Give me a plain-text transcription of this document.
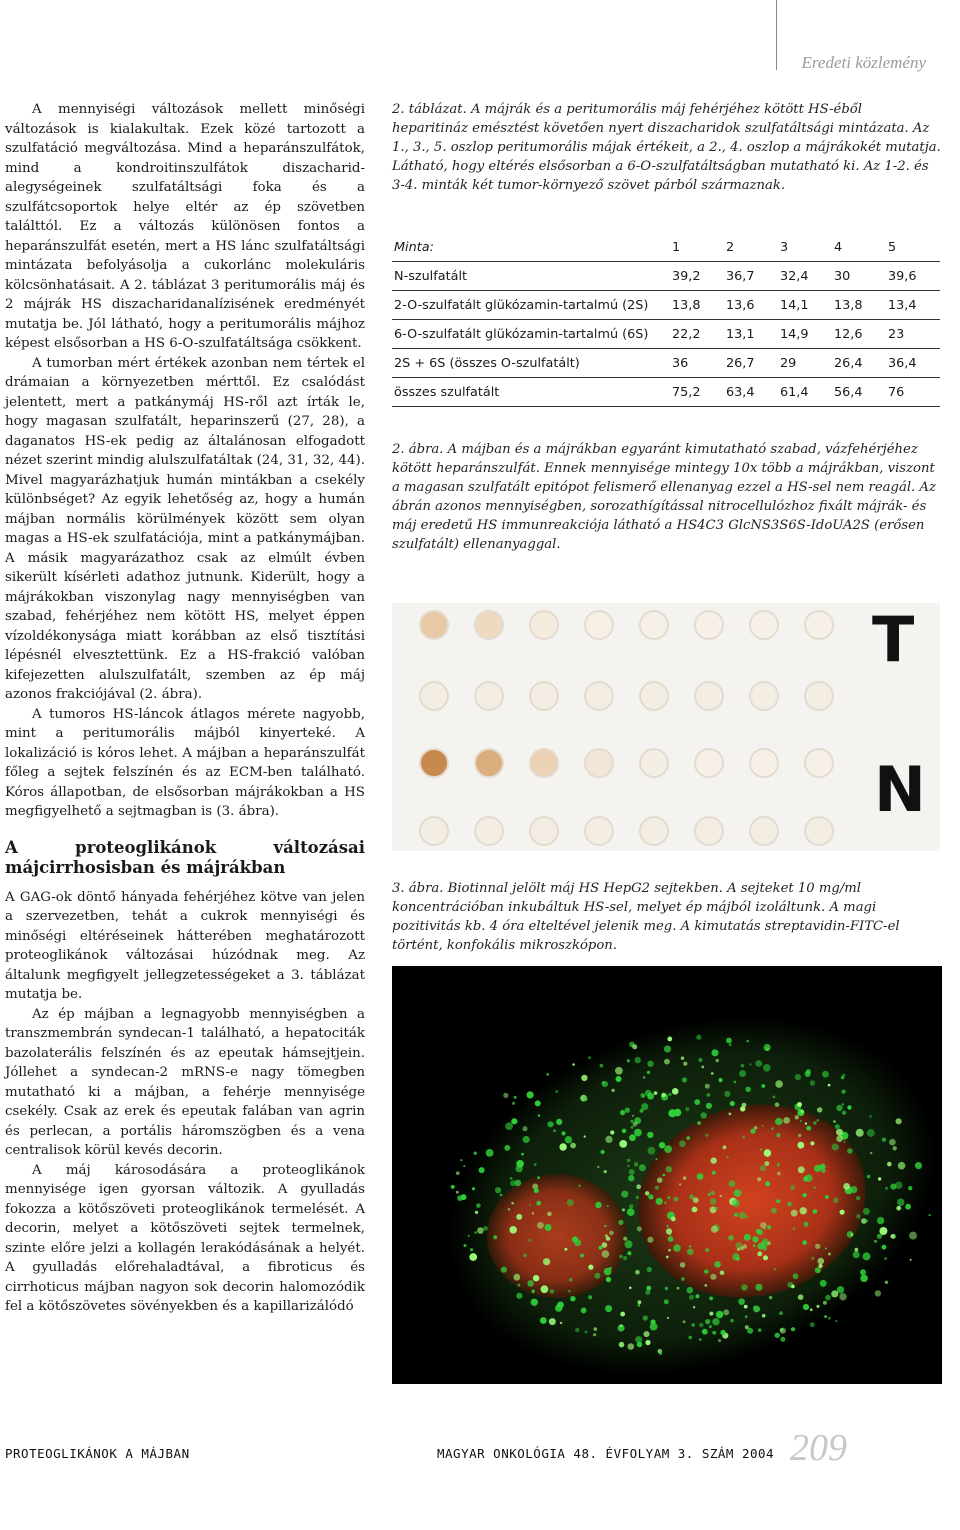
Eredeti közlemény

A mennyiségi változások mellett minőségi változások is kialakultak. Ezek közé tartozott a szulfatáció megváltozása. Mind a heparánszulfátok, mind a kondroitinszulfátok diszacharid-alegységeinek szulfatáltsági foka és a szulfátcsoportok helye eltér az ép szövetben találttól. Ez a változás különösen fontos a heparánszulfát esetén, mert a HS lánc szulfatáltsági mintázata befolyásolja a cukorlánc molekuláris kölcsönhatásait. A 2. táblázat 3 peritumorális máj és 2 májrák HS diszacharidanalízisének eredményét mutatja be. Jól látható, hogy a peritumorális májhoz képest elsősorban a HS 6-O-szulfatáltsága csökkent.

A tumorban mért értékek azonban nem tértek el drámaian a környezetben mérttől. Ez csalódást jelentett, mert a patkánymáj HS-ről azt írták le, hogy magasan szulfatált, heparinszerű (27, 28), a daganatos HS-ek pedig az általánosan elfogadott nézet szerint mindig alulszulfatáltak (24, 31, 32, 44). Mivel magyarázhatjuk humán mintákban a csekély különbséget? Az egyik lehetőség az, hogy a humán májban normális körülmények között sem olyan magas a HS-ek szulfatációja, mint a patkánymájban. A másik magyarázathoz csak az elmúlt évben sikerült kísérleti adathoz jutnunk. Kiderült, hogy a májrákokban viszonylag nagy mennyiségben van szabad, fehérjéhez nem kötött HS, melyet éppen vízoldékonysága miatt korábban az első tisztítási lépésnél elvesztettünk. Ez a HS-frakció valóban kifejezetten alulszulfatált, szemben az ép máj azonos frakciójával (2. ábra).

A tumoros HS-láncok átlagos mérete nagyobb, mint a peritumorális májból kinyerteké. A lokalizáció is kóros lehet. A májban a heparánszulfát főleg a sejtek felszínén és az ECM-ben található. Kóros állapotban, de elsősorban májrákokban a HS megfigyelhető a sejtmagban is (3. ábra).

A proteoglikánok változásai májcirrhosisban és májrákban

A GAG-ok döntő hányada fehérjéhez kötve van jelen a szervezetben, tehát a cukrok mennyiségi és minőségi eltéréseinek hátterében meghatározott proteoglikánok változásai húzódnak meg. Az általunk megfigyelt jellegzetességeket a 3. táblázat mutatja be.

Az ép májban a legnagyobb mennyiségben a transzmembrán syndecan-1 található, a hepatociták bazolaterális felszínén és az epeutak hámsejtjein. Jóllehet a syndecan-2 mRNS-e nagy tömegben mutatható ki a májban, a fehérje mennyisége csekély. Csak az erek és epeutak falában van agrin és perlecan, a portális háromszögben és a vena centralisok körül kevés decorin.

A máj károsodására a proteoglikánok mennyisége igen gyorsan változik. A gyulladás fokozza a kötőszöveti proteoglikánok termelését. A decorin, melyet a kötőszöveti sejtek termelnek, szinte előre jelzi a kollagén lerakódásának a helyét. A gyulladás előrehaladtával, a fibroticus és cirrhoticus májban nagyon sok decorin halomozódik fel a kötőszövetes sövényekben és a kapillarizálódó

2. táblázat. A májrák és a peritumorális máj fehérjéhez kötött HS-éből heparitináz emésztést követően nyert diszacharidok szulfatáltsági mintázata. Az 1., 3., 5. oszlop peritumorális májak értékeit, a 2., 4. oszlop a májrákokét mutatja. Látható, hogy eltérés elsősorban a 6-O-szulfatáltságban mutatható ki. Az 1-2. és 3-4. minták két tumor-környező szövet párból származnak.
Minta:	1	2	3	4	5
N-szulfatált	39,2	36,7	32,4	30	39,6
2-O-szulfatált glükózamin-tartalmú (2S)	13,8	13,6	14,1	13,8	13,4
6-O-szulfatált glükózamin-tartalmú (6S)	22,2	13,1	14,9	12,6	23
2S + 6S (összes O-szulfatált)	36	26,7	29	26,4	36,4
összes szulfatált	75,2	63,4	61,4	56,4	76
2. ábra. A májban és a májrákban egyaránt kimutatható szabad, vázfehérjéhez kötött heparánszulfát. Ennek mennyisége mintegy 10x több a májrákban, viszont a magasan szulfatált epitópot felismerő ellenanyag ezzel a HS-sel nem reagál. Az ábrán azonos mennyiségben, sorozathígítással nitrocellulózhoz fixált májrák- és máj eredetű HS immunreakciója látható a HS4C3 GlcNS3S6S-IdoUA2S (erősen szulfatált) ellenanyaggal.
T
N
3. ábra. Biotinnal jelölt máj HS HepG2 sejtekben. A sejteket 10 mg/ml koncentrációban inkubáltuk HS-sel, melyet ép májból izoláltunk. A magi pozitivitás kb. 4 óra elteltével jelenik meg. A kimutatás streptavidin-FITC-el történt, konfokális mikroszkópon.
PROTEOGLIKÁNOK A MÁJBAN	MAGYAR ONKOLÓGIA 48. ÉVFOLYAM 3. SZÁM 2004 209
